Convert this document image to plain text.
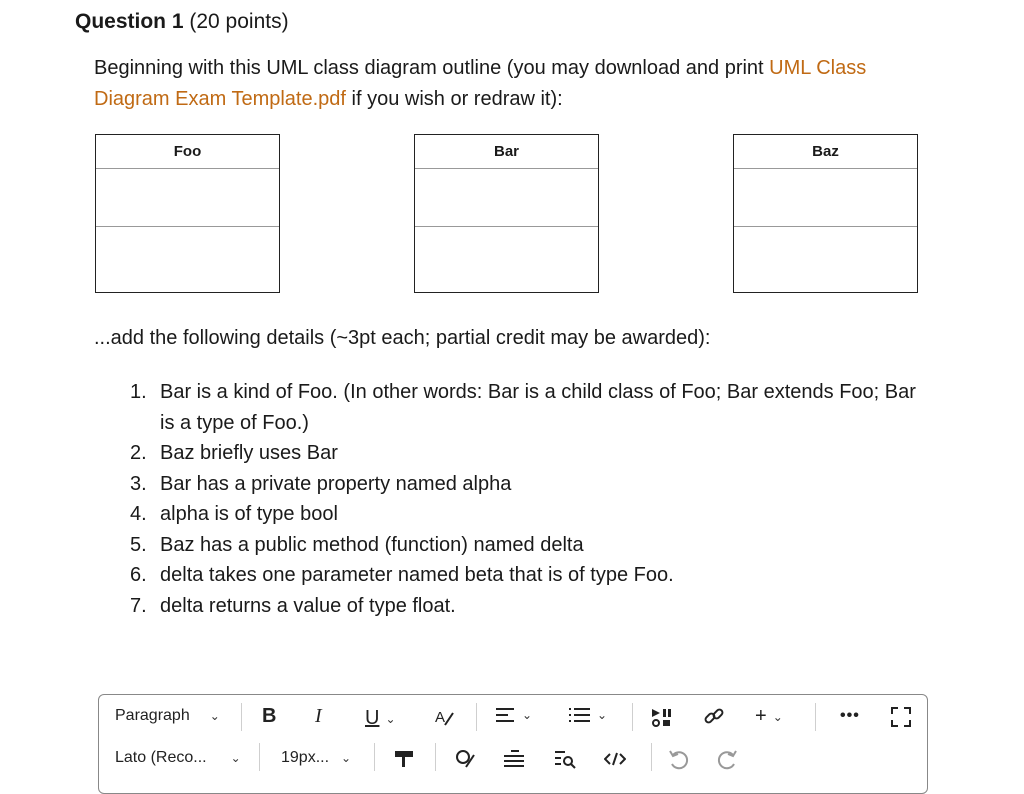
Question 1 (20 points)
Beginning with this UML class diagram outline (you may download and print UML Class Diagram Exam Template.pdf if you wish or redraw it):
Foo	Bar	Baz
...add the following details (~3pt each; partial credit may be awarded):
1. Bar is a kind of Foo. (In other words: Bar is a child class of Foo; Bar extends Foo; Bar is a type of Foo.)
2. Baz briefly uses Bar
3. Bar has a private property named alpha
4. alpha is of type bool
5. Baz has a public method (function) named delta
6. delta takes one parameter named beta that is of type Foo.
7. delta returns a value of type float.
Paragraph ⌄ B I U ⌄	A	⌄	⌄	+ ⌄	•••
Lato (Reco... ⌄	19px... ⌄
